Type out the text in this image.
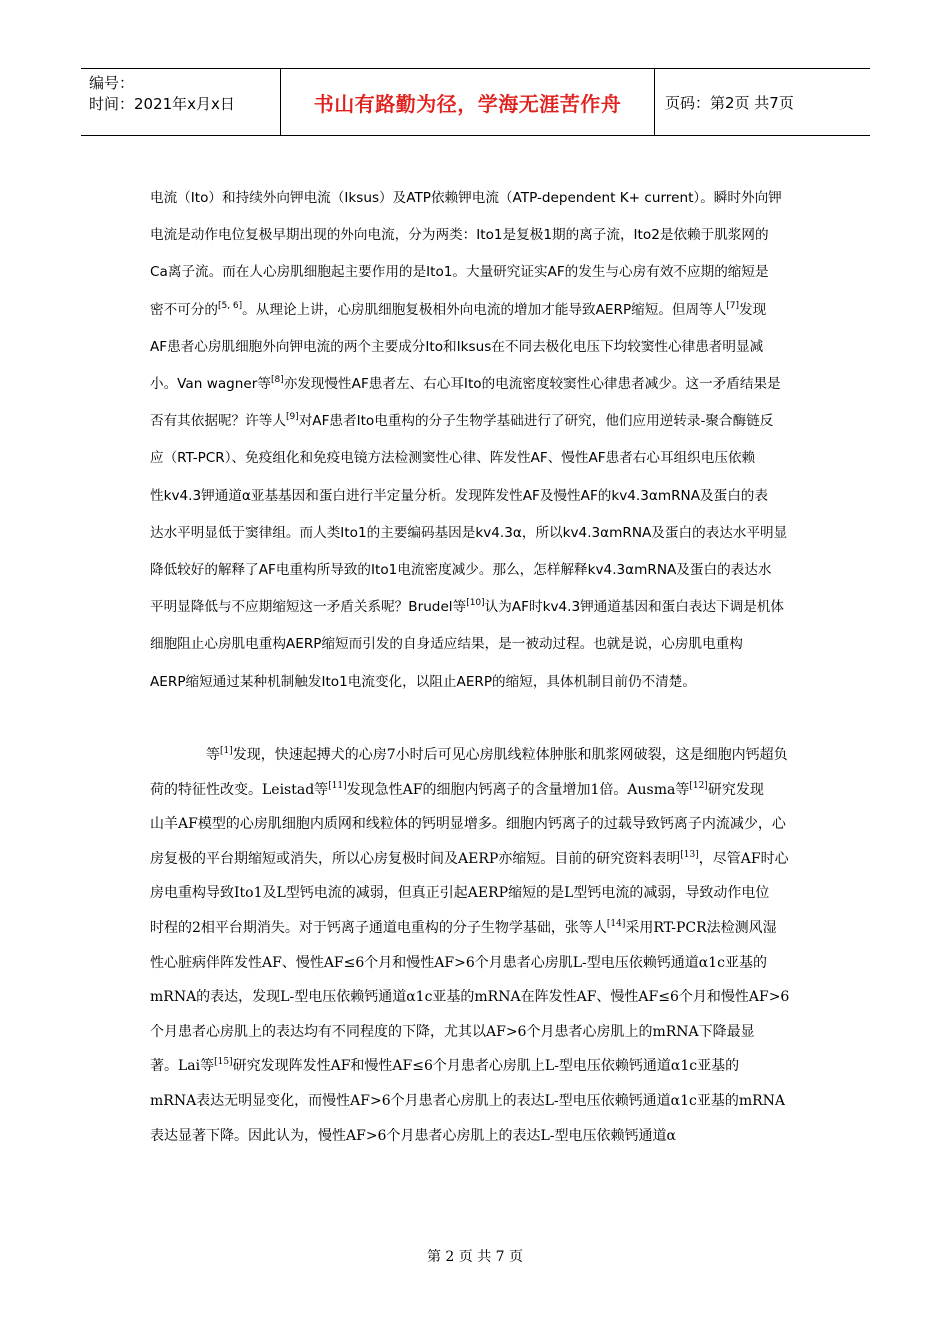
编号：
时间：2021年x月x日	书山有路勤为径，学海无涯苦作舟	页码：第2页 共7页
电流（Ito）和持续外向钾电流（Iksus）及ATP依赖钾电流（ATP-dependent K+ current）。瞬时外向钾
电流是动作电位复极早期出现的外向电流，分为两类：Ito1是复极1期的离子流，Ito2是依赖于肌浆网的
Ca离子流。而在人心房肌细胞起主要作用的是Ito1。大量研究证实AF的发生与心房有效不应期的缩短是
密不可分的[5, 6]。从理论上讲，心房肌细胞复极相外向电流的增加才能导致AERP缩短。但周等人[7]发现
AF患者心房肌细胞外向钾电流的两个主要成分Ito和Iksus在不同去极化电压下均较窦性心律患者明显减
小。Van wagner等[8]亦发现慢性AF患者左、右心耳Ito的电流密度较窦性心律患者减少。这一矛盾结果是
否有其依据呢？许等人[9]对AF患者Ito电重构的分子生物学基础进行了研究，他们应用逆转录-聚合酶链反
应（RT-PCR）、免疫组化和免疫电镜方法检测窦性心律、阵发性AF、慢性AF患者右心耳组织电压依赖
性kv4.3钾通道α亚基基因和蛋白进行半定量分析。发现阵发性AF及慢性AF的kv4.3αmRNA及蛋白的表
达水平明显低于窦律组。而人类Ito1的主要编码基因是kv4.3α，所以kv4.3αmRNA及蛋白的表达水平明显
降低较好的解释了AF电重构所导致的Ito1电流密度减少。那么，怎样解释kv4.3αmRNA及蛋白的表达水
平明显降低与不应期缩短这一矛盾关系呢？Brudel等[10]认为AF时kv4.3钾通道基因和蛋白表达下调是机体
细胞阻止心房肌电重构AERP缩短而引发的自身适应结果，是一被动过程。也就是说，心房肌电重构
AERP缩短通过某种机制触发Ito1电流变化，以阻止AERP的缩短，具体机制目前仍不清楚。
等[1]发现，快速起搏犬的心房7小时后可见心房肌线粒体肿胀和肌浆网破裂，这是细胞内钙超负
荷的特征性改变。Leistad等[11]发现急性AF的细胞内钙离子的含量增加1倍。Ausma等[12]研究发现
山羊AF模型的心房肌细胞内质网和线粒体的钙明显增多。细胞内钙离子的过载导致钙离子内流减少，心
房复极的平台期缩短或消失，所以心房复极时间及AERP亦缩短。目前的研究资料表明[13]，尽管AF时心
房电重构导致Ito1及L型钙电流的减弱，但真正引起AERP缩短的是L型钙电流的减弱，导致动作电位
时程的2相平台期消失。对于钙离子通道电重构的分子生物学基础，张等人[14]采用RT-PCR法检测风湿
性心脏病伴阵发性AF、慢性AF≤6个月和慢性AF>6个月患者心房肌L-型电压依赖钙通道α1c亚基的
mRNA的表达，发现L-型电压依赖钙通道α1c亚基的mRNA在阵发性AF、慢性AF≤6个月和慢性AF>6
个月患者心房肌上的表达均有不同程度的下降，尤其以AF>6个月患者心房肌上的mRNA下降最显
著。Lai等[15]研究发现阵发性AF和慢性AF≤6个月患者心房肌上L-型电压依赖钙通道α1c亚基的
mRNA表达无明显变化，而慢性AF>6个月患者心房肌上的表达L-型电压依赖钙通道α1c亚基的mRNA
表达显著下降。因此认为，慢性AF>6个月患者心房肌上的表达L-型电压依赖钙通道α
第 2 页 共 7 页
